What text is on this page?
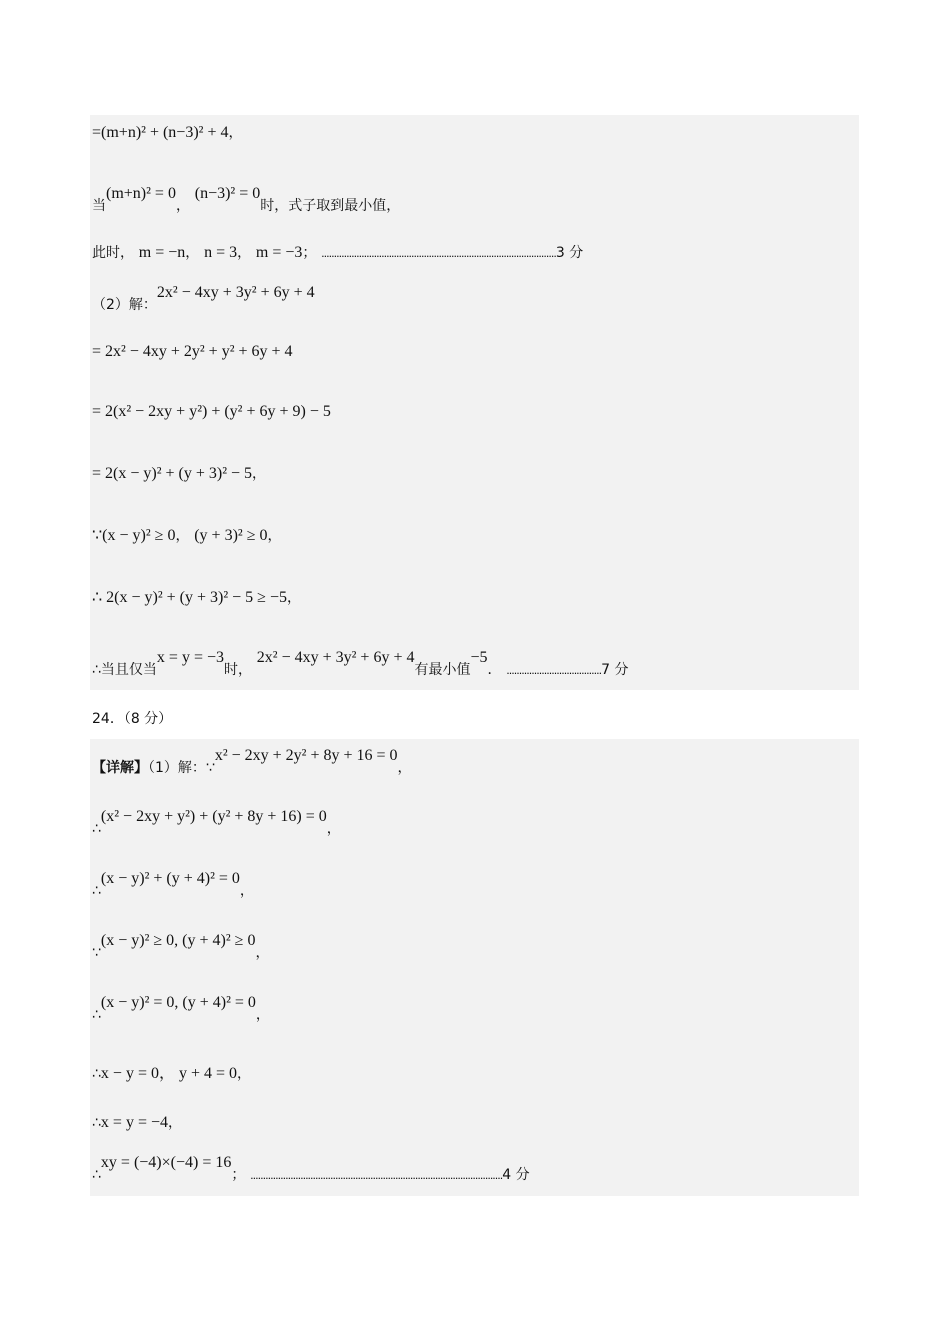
=(m+n)² + (n−3)² + 4，
当(m+n)² = 0， (n−3)² = 0时，式子取到最小值，
此时， m = −n， n = 3， m = −3； ..............................................................................................3 分
（2）解：2x² − 4xy + 3y² + 6y + 4
= 2x² − 4xy + 2y² + y² + 6y + 4
= 2(x² − 2xy + y²) + (y² + 6y + 9) − 5
= 2(x − y)² + (y + 3)² − 5，
∵(x − y)² ≥ 0， (y + 3)² ≥ 0，
∴ 2(x − y)² + (y + 3)² − 5 ≥ −5，
∴当且仅当x = y = −3时， 2x² − 4xy + 3y² + 6y + 4有最小值−5． ......................................7 分
24．（8 分）
【详解】（1）解：∵x² − 2xy + 2y² + 8y + 16 = 0，
∴(x² − 2xy + y²) + (y² + 8y + 16) = 0，
∴(x − y)² + (y + 4)² = 0，
∵(x − y)² ≥ 0, (y + 4)² ≥ 0，
∴(x − y)² = 0, (y + 4)² = 0，
∴x − y = 0， y + 4 = 0，
∴x = y = −4，
∴xy = (−4)×(−4) = 16； .....................................................................................................4 分
